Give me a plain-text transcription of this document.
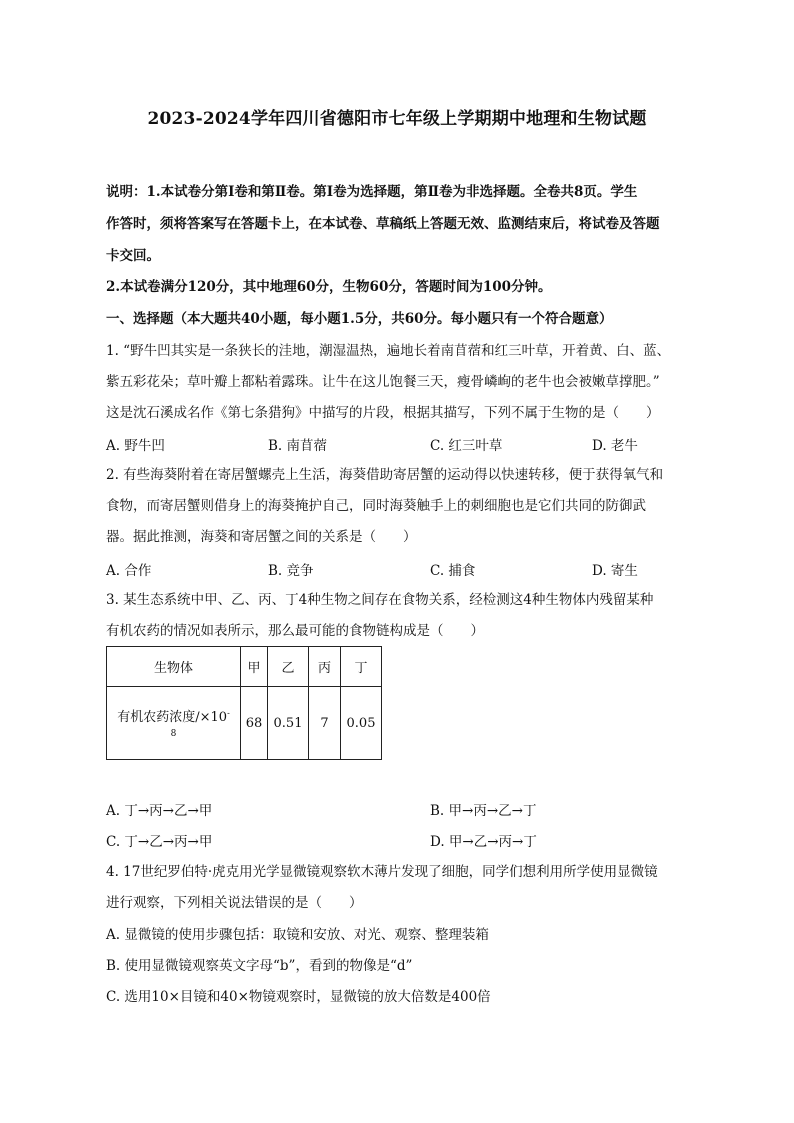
2023-2024学年四川省德阳市七年级上学期期中地理和生物试题
说明：1.本试卷分第Ⅰ卷和第Ⅱ卷。第Ⅰ卷为选择题，第Ⅱ卷为非选择题。全卷共8页。学生
作答时，须将答案写在答题卡上，在本试卷、草稿纸上答题无效、监测结束后，将试卷及答题
卡交回。
2.本试卷满分120分，其中地理60分，生物60分，答题时间为100分钟。
一、选择题（本大题共40小题，每小题1.5分，共60分。每小题只有一个符合题意）
1. “野牛凹其实是一条狭长的洼地，潮湿温热，遍地长着南苜蓿和红三叶草，开着黄、白、蓝、
紫五彩花朵；草叶瓣上都粘着露珠。让牛在这儿饱餐三天，瘦骨嶙峋的老牛也会被嫩草撑肥。”
这是沈石溪成名作《第七条猎狗》中描写的片段，根据其描写，下列不属于生物的是（　　）
A. 野牛凹	B. 南苜蓿	C. 红三叶草	D. 老牛
2. 有些海葵附着在寄居蟹螺壳上生活，海葵借助寄居蟹的运动得以快速转移，便于获得氧气和
食物，而寄居蟹则借身上的海葵掩护自己，同时海葵触手上的刺细胞也是它们共同的防御武
器。据此推测，海葵和寄居蟹之间的关系是（　　）
A. 合作	B. 竞争	C. 捕食	D. 寄生
3. 某生态系统中甲、乙、丙、丁4种生物之间存在食物关系，经检测这4种生物体内残留某种
有机农药的情况如表所示，那么最可能的食物链构成是（　　）
生物体	甲	乙	丙	丁
有机农药浓度/×10-
8	68	0.51	7	0.05
A. 丁→丙→乙→甲	B. 甲→丙→乙→丁
C. 丁→乙→丙→甲	D. 甲→乙→丙→丁
4. 17世纪罗伯特·虎克用光学显微镜观察软木薄片发现了细胞，同学们想利用所学使用显微镜
进行观察，下列相关说法错误的是（　　）
A. 显微镜的使用步骤包括：取镜和安放、对光、观察、整理装箱
B. 使用显微镜观察英文字母“b”，看到的物像是“d”
C. 选用10×目镜和40×物镜观察时，显微镜的放大倍数是400倍
